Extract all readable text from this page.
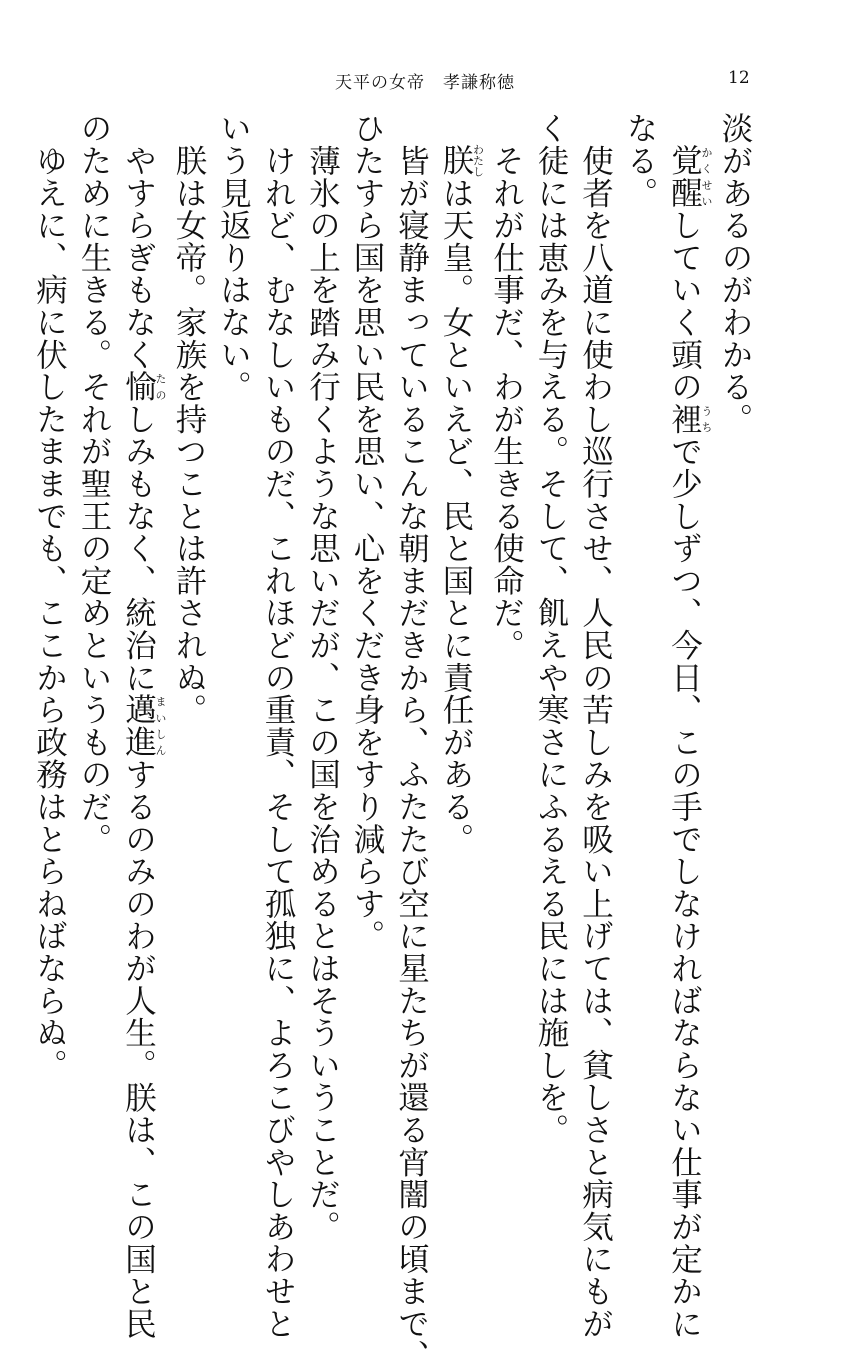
天平の女帝　孝謙称徳	12
淡があるのがわかる。
　覚醒かくせいしていく頭の裡うちで少しずつ、今日、この手でしなければならない仕事が定かに
なる。
　使者を八道に使わし巡行させ、人民の苦しみを吸い上げては、貧しさと病気にもが
く徒には恵みを与える。そして、飢えや寒さにふるえる民には施しを。
　それが仕事だ、わが生きる使命だ。
　朕わたしは天皇。女といえど、民と国とに責任がある。
　皆が寝静まっているこんな朝まだきから、ふたたび空に星たちが還る宵闇の頃まで、
ひたすら国を思い民を思い、心をくだき身をすり減らす。
　薄氷の上を踏み行くような思いだが、この国を治めるとはそういうことだ。
　けれど、むなしいものだ、これほどの重責、そして孤独に、よろこびやしあわせと
いう見返りはない。
　朕は女帝。家族を持つことは許されぬ。
　やすらぎもなく愉たのしみもなく、統治に邁進まいしんするのみのわが人生。朕は、この国と民
のために生きる。それが聖王の定めというものだ。
　ゆえに、病に伏したままでも、ここから政務はとらねばならぬ。
